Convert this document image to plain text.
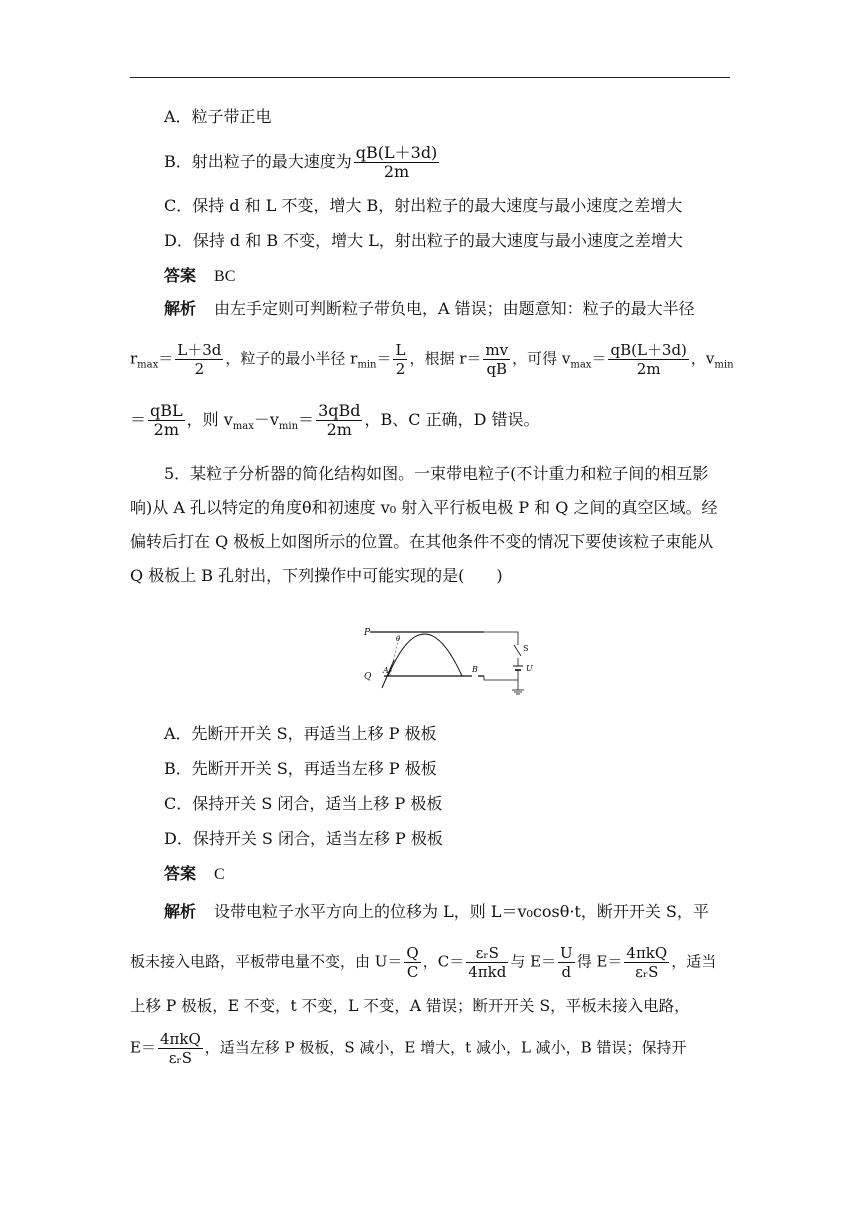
A．粒子带正电
B．射出粒子的最大速度为 $\frac{qB(L+3d)}{2m}$
C．保持 d 和 L 不变，增大 B，射出粒子的最大速度与最小速度之差增大
D．保持 d 和 B 不变，增大 L，射出粒子的最大速度与最小速度之差增大
答案 BC
解析 由左手定则可判断粒子带负电，A 错误；由题意知：粒子的最大半径
$r_{max}= \frac{L+3d}{2}$ ，粒子的最小半径 $r_{min}= \frac{L}{2}$ ，根据 $r= \frac{mv}{qB}$ ，可得 $v_{max}= \frac{qB(L+3d)}{2m}$ ，$v_{min}$
＝ $\frac{\text{qBL}}{2m}$ ，则 $v_{max}-v_{min}= \frac{\text{3qBd}}{2m}$ ，B、C 正确，D 错误。
5．某粒子分析器的简化结构如图。一束带电粒子(不计重力和粒子间的相互影响)从 A 孔以特定的角度θ和初速度 v₀ 射入平行板电极 P 和 Q 之间的真空区域。经偏转后打在 Q 极板上如图所示的位置。在其他条件不变的情况下要使该粒子束能从 Q 极板上 B 孔射出，下列操作中可能实现的是(　　)
P
Q
A	B
θ
S
U
A．先断开开关 S，再适当上移 P 极板
B．先断开开关 S，再适当左移 P 极板
C．保持开关 S 闭合，适当上移 P 极板
D．保持开关 S 闭合，适当左移 P 极板
答案 C
解析 设带电粒子水平方向上的位移为 L，则 L＝v₀cosθ·t，断开开关 S，平
板未接入电路，平板带电量不变，由 $U= \frac{Q}{C}$ ，$C= \frac{\text{εᵣS}}{\text{4πkd}}$ 与 $E= \frac{U}{d}$ 得 $E= \frac{\text{4πkQ}}{\text{εᵣS}}$ ，适当
上移 P 极板，E 不变，t 不变，L 不变，A 错误；断开开关 S，平板未接入电路，
$E= \frac{\text{4πkQ}}{\text{εᵣS}}$ ，适当左移 P 极板，S 减小，E 增大，t 减小，L 减小，B 错误；保持开
